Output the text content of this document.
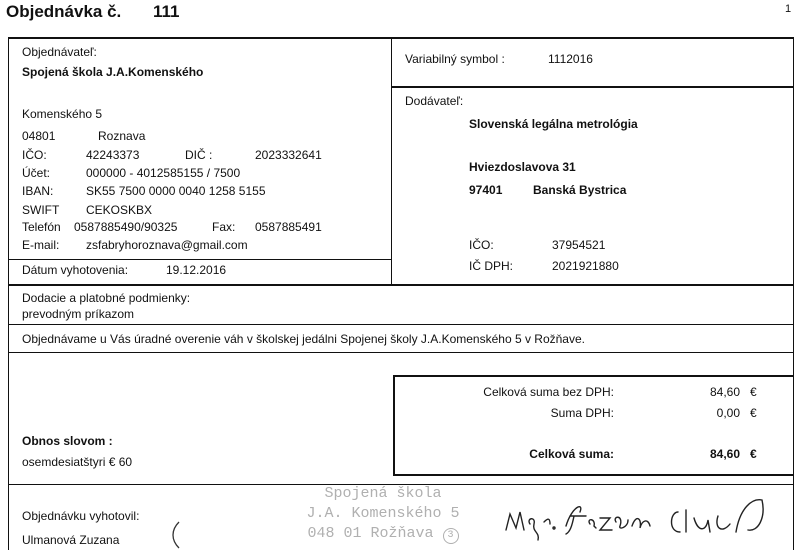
Objednávka č. 111	1
Objednávateľ:
Spojená škola J.A.Komenského
Komenského 5
04801	Roznava
IČO:	42243373	DIČ :	2023332641
Účet:	000000 - 4012585155 / 7500
IBAN:	SK55 7500 0000 0040 1258 5155
SWIFT CEKOSKBX
Telefón 0587885490/90325	Fax: 0587885491
E-mail: zsfabryhoroznava@gmail.com
Dátum vyhotovenia:	19.12.2016
Variabilný symbol :	1112016
Dodávateľ:
Slovenská legálna metrológia
Hviezdoslavova 31
97401	Banská Bystrica
IČO:	37954521
IČ DPH:	2021921880
Dodacie a platobné podmienky:
prevodným príkazom
Objednávame u Vás úradné overenie váh v školskej jedálni Spojenej školy J.A.Komenského 5 v Rožňave.
Celková suma bez DPH:	84,60 €
Suma DPH:	0,00 €
Celková suma:	84,60 €
Obnos slovom :
osemdesiatštyri € 60
Objednávku vyhotovil:
Ulmanová Zuzana
Spojená škola
J.A. Komenského 5
048 01 Rožňava 3
